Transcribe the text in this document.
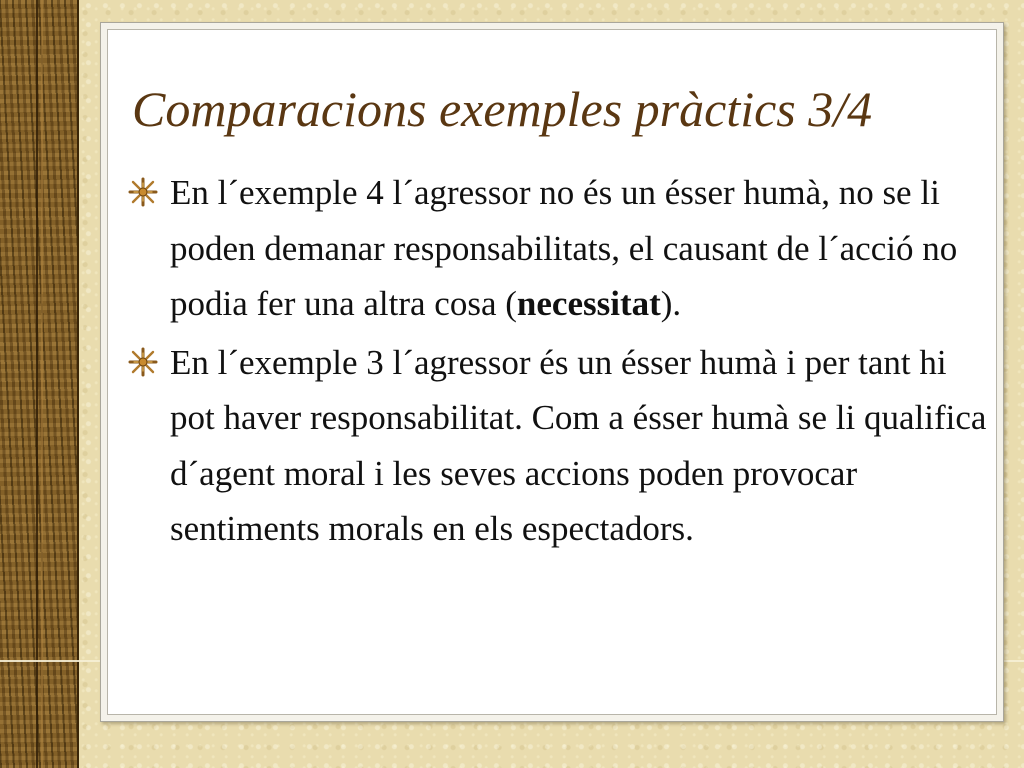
Comparacions exemples pràctics 3/4
En l´exemple 4 l´agressor no és un ésser humà, no se li poden demanar responsabilitats, el causant de l´acció no podia fer una altra cosa (necessitat).
En l´exemple 3 l´agressor és un ésser humà i per tant hi pot haver responsabilitat. Com a ésser humà se li qualifica d´agent moral i les seves accions poden provocar sentiments morals en els espectadors.
